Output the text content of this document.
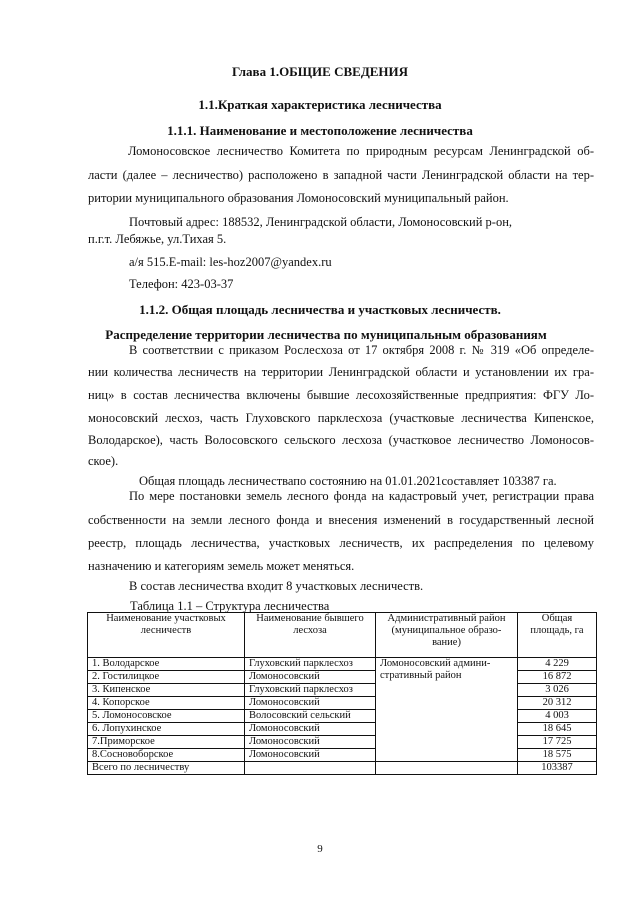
Глава 1.ОБЩИЕ СВЕДЕНИЯ

1.1.Краткая характеристика лесничества

1.1.1. Наименование и местоположение лесничества

Ломоносовское лесничество Комитета по природным ресурсам Ленинградской об-

ласти (далее – лесничество) расположено в западной части Ленинградской области на тер-

ритории муниципального образования Ломоносовский муниципальный район.

Почтовый адрес: 188532, Ленинградской области, Ломоносовский р-он,

п.г.т. Лебяжье, ул.Тихая 5.

а/я 515.E-mail: les-hoz2007@yandex.ru

Телефон: 423-03-37

1.1.2. Общая площадь лесничества и участковых лесничеств.

Распределение территории лесничества по муниципальным образованиям

В соответствии с приказом Рослесхоза от 17 октября 2008 г. № 319 «Об определе-

нии количества лесничеств на территории Ленинградской области и установлении их гра-

ниц» в состав лесничества включены бывшие лесохозяйственные предприятия: ФГУ Ло-

моносовский лесхоз, часть Глуховского парклесхоза (участковые лесничества Кипенское,

Володарское), часть Волосовского сельского лесхоза (участковое лесничество Ломоносов-

ское).

Общая площадь лесничествапо состоянию на 01.01.2021составляет 103387 га.

По мере постановки земель лесного фонда на кадастровый учет, регистрации права

собственности на земли лесного фонда и внесения изменений в государственный лесной

реестр, площадь лесничества, участковых лесничеств, их распределения по целевому

назначению и категориям земель может меняться.

В состав лесничества входит 8 участковых лесничеств.

Таблица 1.1 – Структура лесничества

Наименование участковых лесничеств	Наименование бывшего лесхоза	Административный район (муниципальное образо-вание)	Общая площадь, га
1. Володарское	Глуховский парклесхоз	Ломоносовский админи-стративный район	4 229
2. Гостилицкое	Ломоносовский		16 872
3. Кипенское	Глуховский парклесхоз		3 026
4. Копорское	Ломоносовский		20 312
5. Ломоносовское	Волосовский сельский		4 003
6. Лопухинское	Ломоносовский		18 645
7.Приморское	Ломоносовский		17 725
8.Сосновоборское	Ломоносовский		18 575
Всего по лесничеству			103387

9
